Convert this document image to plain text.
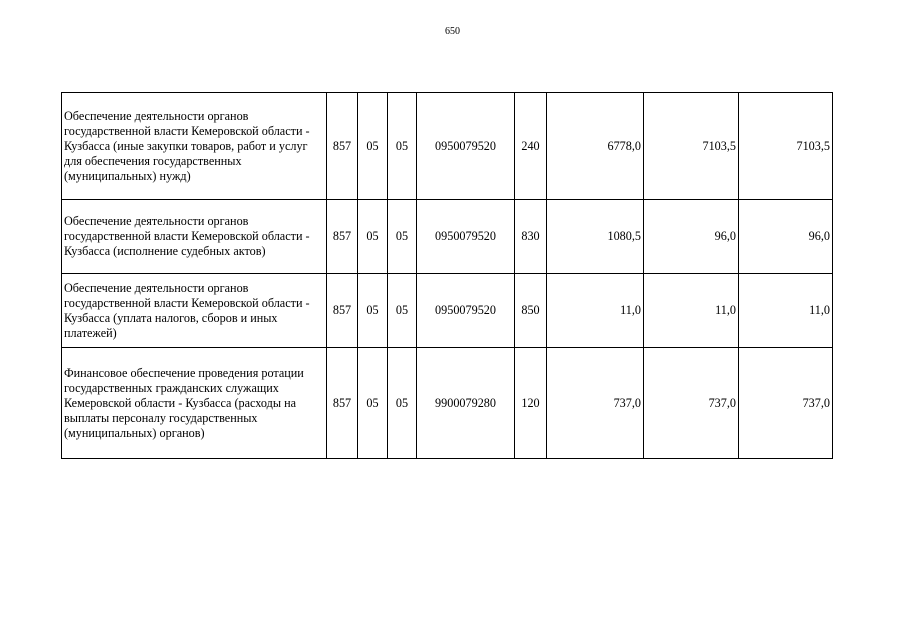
650
Обеспечение деятельности органов государственной власти Кемеровской области - Кузбасса (иные закупки товаров, работ и услуг для обеспечения государственных (муниципальных) нужд)	857	05	05	0950079520	240	6778,0	7103,5	7103,5
Обеспечение деятельности органов государственной власти Кемеровской области - Кузбасса (исполнение судебных актов)	857	05	05	0950079520	830	1080,5	96,0	96,0
Обеспечение деятельности органов государственной власти Кемеровской области - Кузбасса (уплата налогов, сборов и иных платежей)	857	05	05	0950079520	850	11,0	11,0	11,0
Финансовое обеспечение проведения ротации государственных гражданских служащих Кемеровской области - Кузбасса (расходы на выплаты персоналу государственных (муниципальных) органов)	857	05	05	9900079280	120	737,0	737,0	737,0
